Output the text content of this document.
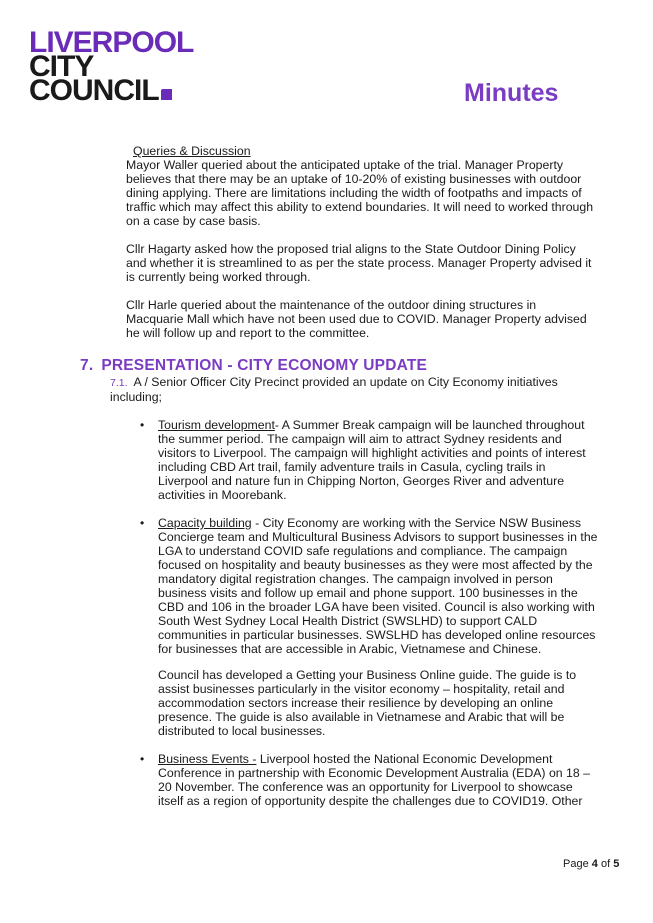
LIVERPOOL
CITY
COUNCIL	Minutes
Queries & Discussion

Mayor Waller queried about the anticipated uptake of the trial. Manager Property believes that there may be an uptake of 10-20% of existing businesses with outdoor dining applying. There are limitations including the width of footpaths and impacts of traffic which may affect this ability to extend boundaries. It will need to worked through on a case by case basis.

Cllr Hagarty asked how the proposed trial aligns to the State Outdoor Dining Policy and whether it is streamlined to as per the state process. Manager Property advised it is currently being worked through.

Cllr Harle queried about the maintenance of the outdoor dining structures in Macquarie Mall which have not been used due to COVID. Manager Property advised he will follow up and report to the committee.

7. PRESENTATION - CITY ECONOMY UPDATE
7.1. A / Senior Officer City Precinct provided an update on City Economy initiatives including;
• Tourism development- A Summer Break campaign will be launched throughout the summer period. The campaign will aim to attract Sydney residents and visitors to Liverpool. The campaign will highlight activities and points of interest including CBD Art trail, family adventure trails in Casula, cycling trails in Liverpool and nature fun in Chipping Norton, Georges River and adventure activities in Moorebank.

• Capacity building - City Economy are working with the Service NSW Business Concierge team and Multicultural Business Advisors to support businesses in the LGA to understand COVID safe regulations and compliance. The campaign focused on hospitality and beauty businesses as they were most affected by the mandatory digital registration changes. The campaign involved in person business visits and follow up email and phone support. 100 businesses in the CBD and 106 in the broader LGA have been visited. Council is also working with South West Sydney Local Health District (SWSLHD) to support CALD communities in particular businesses. SWSLHD has developed online resources for businesses that are accessible in Arabic, Vietnamese and Chinese.

Council has developed a Getting your Business Online guide. The guide is to assist businesses particularly in the visitor economy – hospitality, retail and accommodation sectors increase their resilience by developing an online presence. The guide is also available in Vietnamese and Arabic that will be distributed to local businesses.

• Business Events - Liverpool hosted the National Economic Development Conference in partnership with Economic Development Australia (EDA) on 18 – 20 November. The conference was an opportunity for Liverpool to showcase itself as a region of opportunity despite the challenges due to COVID19. Other

Page 4 of 5
